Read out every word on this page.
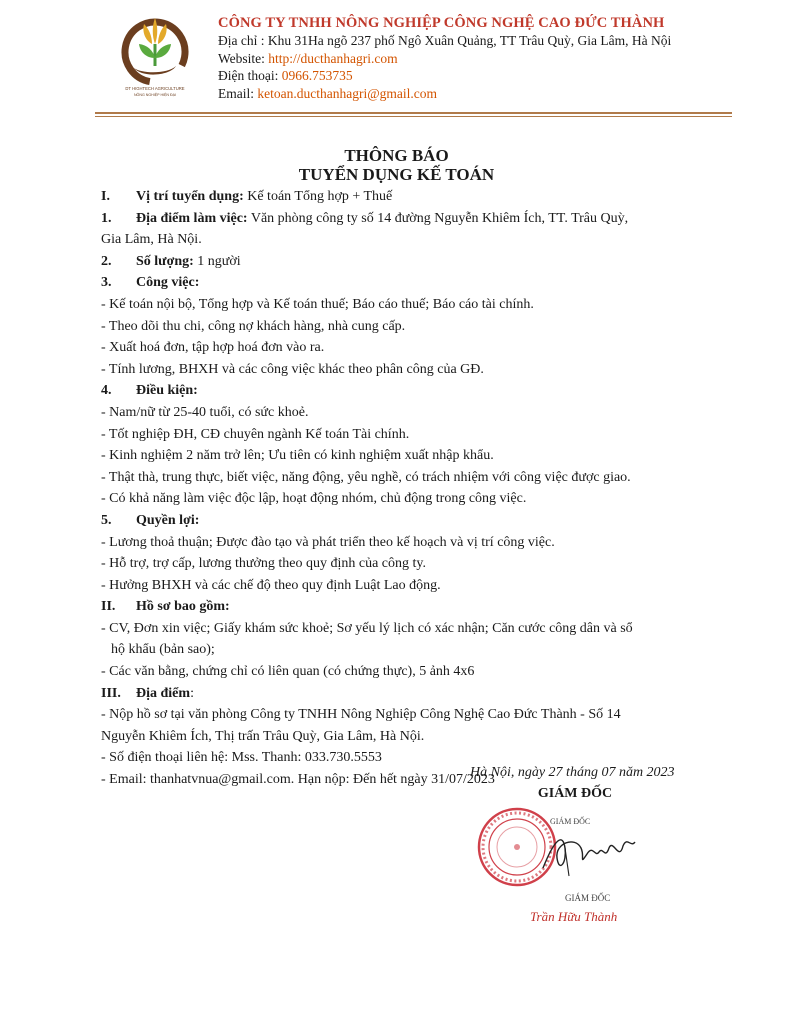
DT HIGHTECH AGRICULTURE
NÔNG NGHIỆP HIỆN ĐẠI
CÔNG TY TNHH NÔNG NGHIỆP CÔNG NGHỆ CAO ĐỨC THÀNH
Địa chỉ : Khu 31Ha ngõ 237 phố Ngô Xuân Quảng, TT Trâu Quỳ, Gia Lâm, Hà Nội
Website: http://ducthanhagri.com
Điện thoại: 0966.753735
Email: ketoan.ducthanhagri@gmail.com
THÔNG BÁO
TUYỂN DỤNG KẾ TOÁN

I. Vị trí tuyển dụng: Kế toán Tổng hợp + Thuế

1. Địa điểm làm việc: Văn phòng công ty số 14 đường Nguyễn Khiêm Ích, TT. Trâu Quỳ,

Gia Lâm, Hà Nội.

2. Số lượng: 1 người

3. Công việc:

- Kế toán nội bộ, Tổng hợp và Kế toán thuế; Báo cáo thuế; Báo cáo tài chính.

- Theo dõi thu chi, công nợ khách hàng, nhà cung cấp.

- Xuất hoá đơn, tập hợp hoá đơn vào ra.

- Tính lương, BHXH và các công việc khác theo phân công của GĐ.

4. Điều kiện:

- Nam/nữ từ 25-40 tuổi, có sức khoẻ.

- Tốt nghiệp ĐH, CĐ chuyên ngành Kế toán Tài chính.

- Kinh nghiệm 2 năm trở lên; Ưu tiên có kinh nghiệm xuất nhập khẩu.

- Thật thà, trung thực, biết việc, năng động, yêu nghề, có trách nhiệm với công việc được giao.

- Có khả năng làm việc độc lập, hoạt động nhóm, chủ động trong công việc.

5. Quyền lợi:

- Lương thoả thuận; Được đào tạo và phát triển theo kế hoạch và vị trí công việc.

- Hỗ trợ, trợ cấp, lương thưởng theo quy định của công ty.

- Hưởng BHXH và các chế độ theo quy định Luật Lao động.

II. Hồ sơ bao gồm:

- CV, Đơn xin việc; Giấy khám sức khoẻ; Sơ yếu lý lịch có xác nhận; Căn cước công dân và sổ

hộ khẩu (bản sao);

- Các văn bằng, chứng chỉ có liên quan (có chứng thực), 5 ảnh 4x6

III. Địa điểm:

- Nộp hồ sơ tại văn phòng Công ty TNHH Nông Nghiệp Công Nghệ Cao Đức Thành - Số 14

Nguyễn Khiêm Ích, Thị trấn Trâu Quỳ, Gia Lâm, Hà Nội.

- Số điện thoại liên hệ: Mss. Thanh: 033.730.5553

- Email: thanhatvnua@gmail.com. Hạn nộp: Đến hết ngày 31/07/2023

Hà Nội, ngày 27 tháng 07 năm 2023
GIÁM ĐỐC
GIÁM ĐỐC
GIÁM ĐỐC
Trần Hữu Thành
